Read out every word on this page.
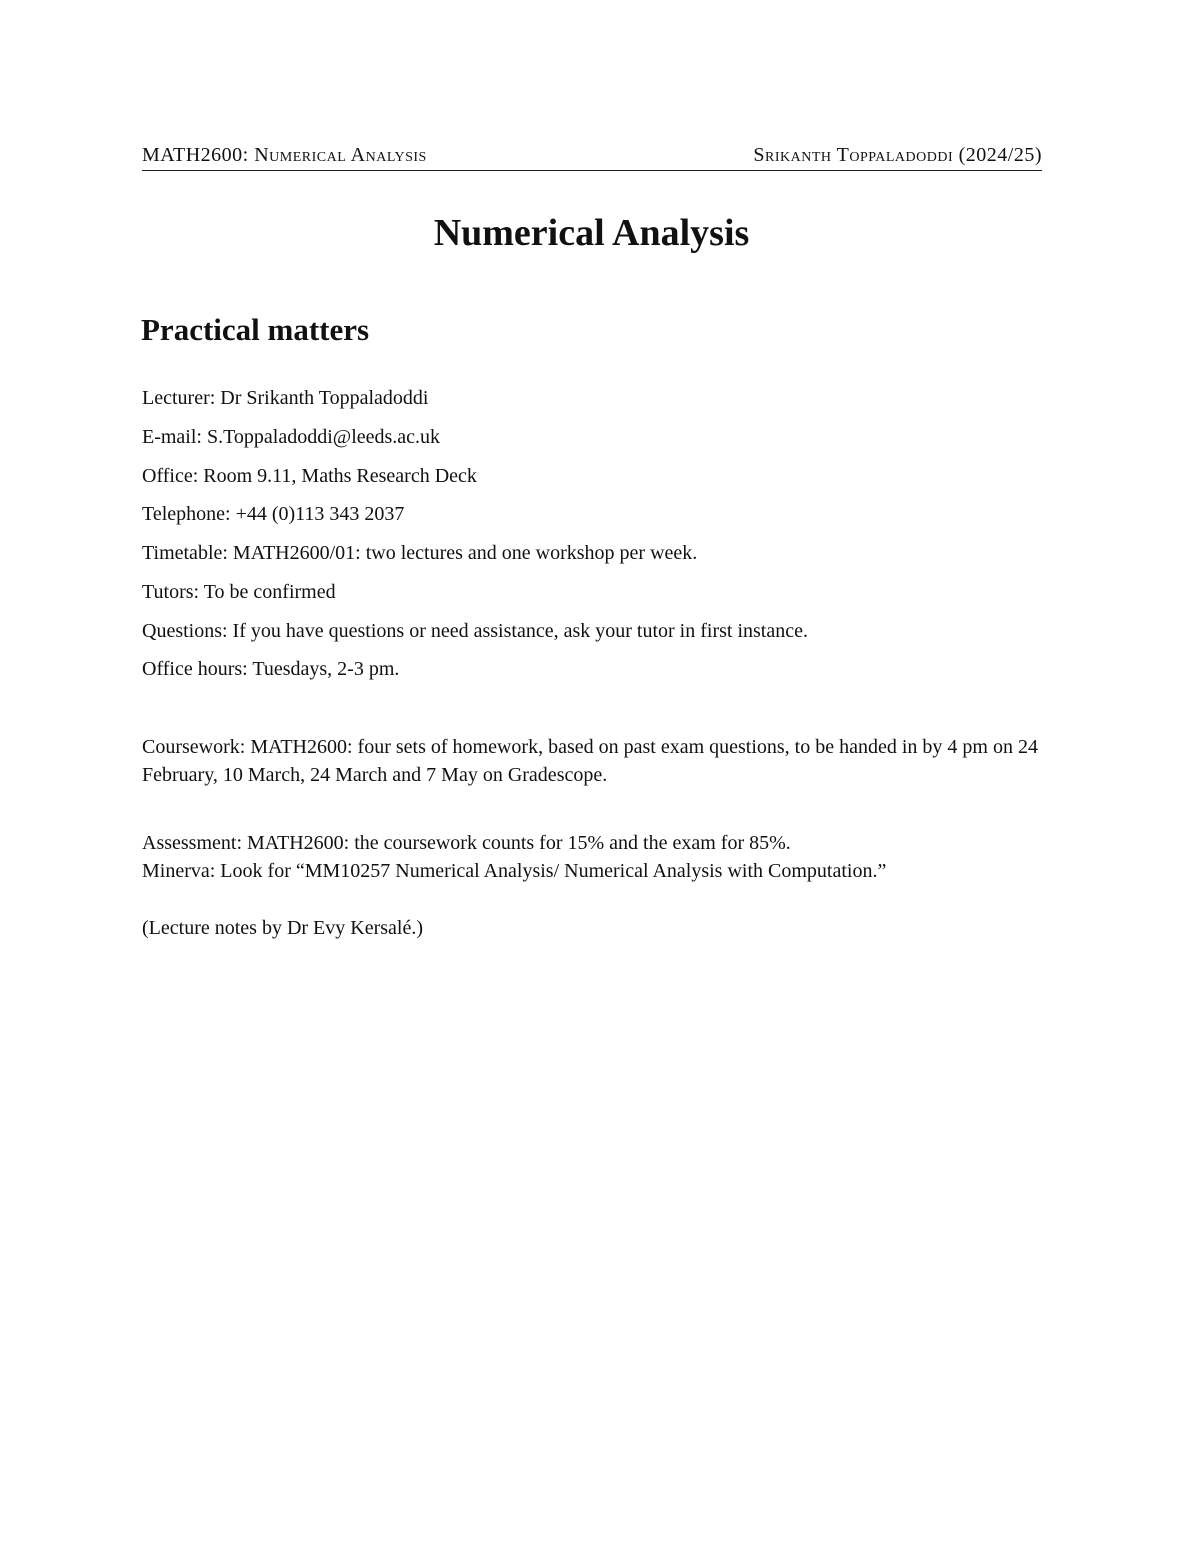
MATH2600: Numerical Analysis	Srikanth Toppaladoddi (2024/25)
Numerical Analysis
Practical matters
Lecturer: Dr Srikanth Toppaladoddi
E-mail: S.Toppaladoddi@leeds.ac.uk
Office: Room 9.11, Maths Research Deck
Telephone: +44 (0)113 343 2037
Timetable: MATH2600/01: two lectures and one workshop per week.
Tutors: To be confirmed
Questions: If you have questions or need assistance, ask your tutor in first instance.
Office hours: Tuesdays, 2-3 pm.
Coursework: MATH2600: four sets of homework, based on past exam questions, to be handed in by 4 pm on 24 February, 10 March, 24 March and 7 May on Gradescope.
Assessment: MATH2600: the coursework counts for 15% and the exam for 85%.
Minerva: Look for “MM10257 Numerical Analysis/ Numerical Analysis with Computation.”
(Lecture notes by Dr Evy Kersalé.)
